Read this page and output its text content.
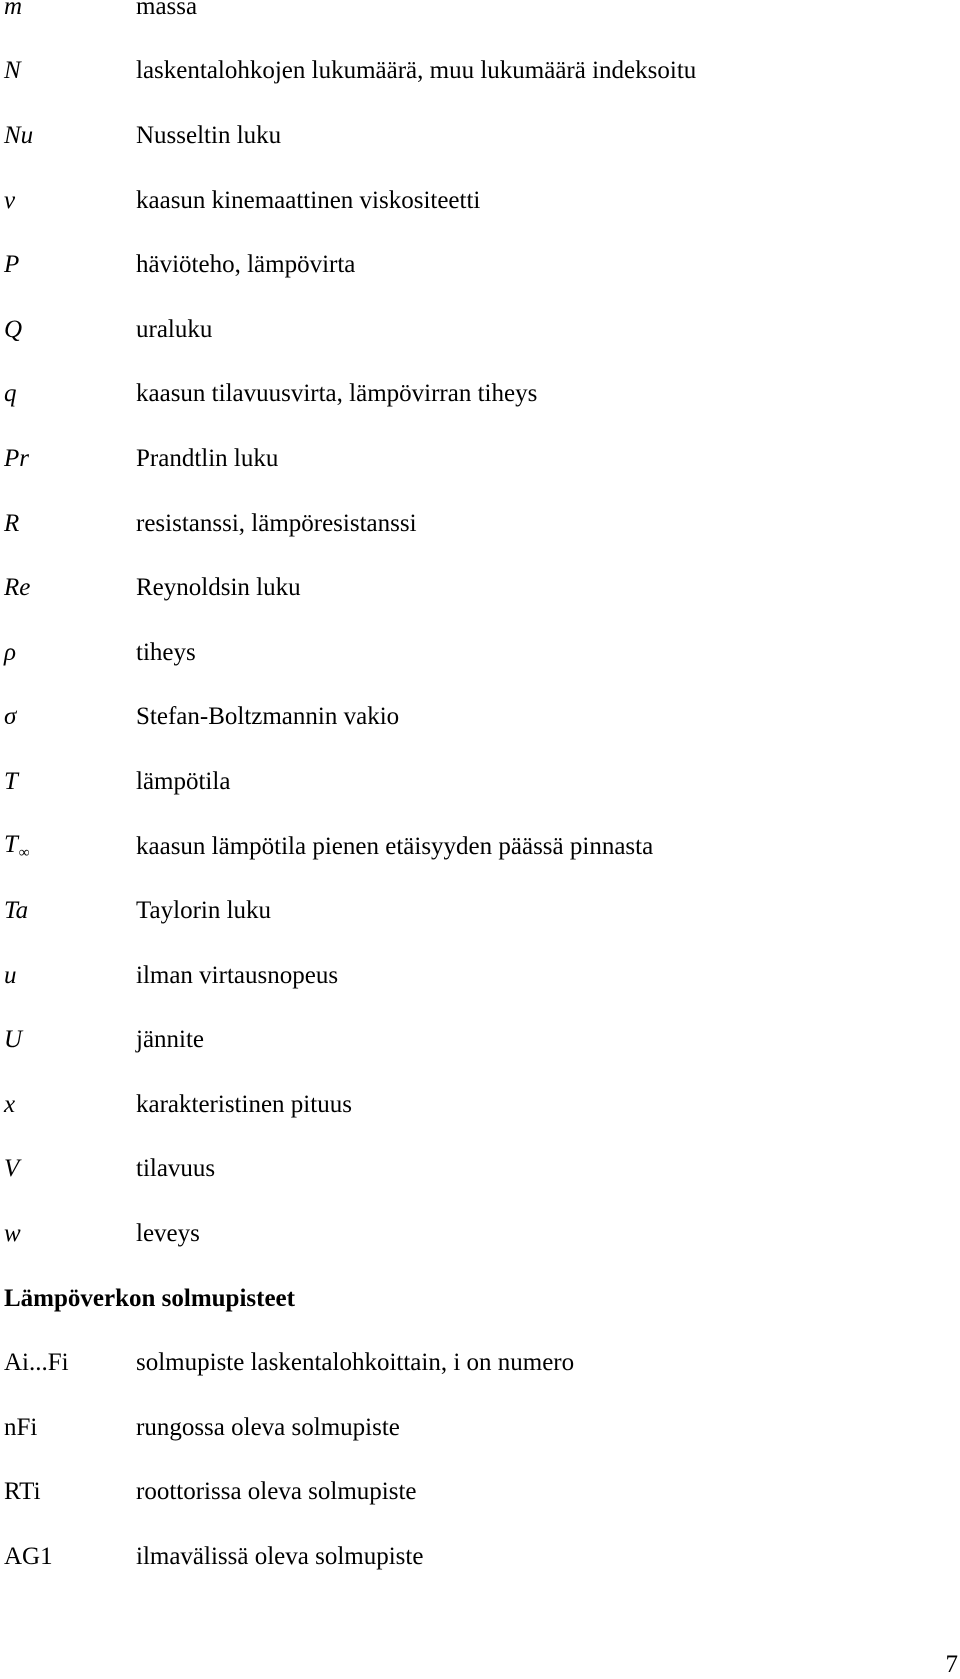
m	massa
N	laskentalohkojen lukumäärä, muu lukumäärä indeksoitu
Nu	Nusseltin luku
v	kaasun kinemaattinen viskositeetti
P	häviöteho, lämpövirta
Q	uraluku
q	kaasun tilavuusvirta, lämpövirran tiheys
Pr	Prandtlin luku
R	resistanssi, lämpöresistanssi
Re	Reynoldsin luku
ρ	tiheys
σ	Stefan-Boltzmannin vakio
T	lämpötila
$T_\infty$	kaasun lämpötila pienen etäisyyden päässä pinnasta
Ta	Taylorin luku
u	ilman virtausnopeus
U	jännite
x	karakteristinen pituus
V	tilavuus
w	leveys
Lämpöverkon solmupisteet
Ai...Fi	solmupiste laskentalohkoittain, i on numero
nFi	rungossa oleva solmupiste
RTi	roottorissa oleva solmupiste
AG1	ilmavälissä oleva solmupiste
7
